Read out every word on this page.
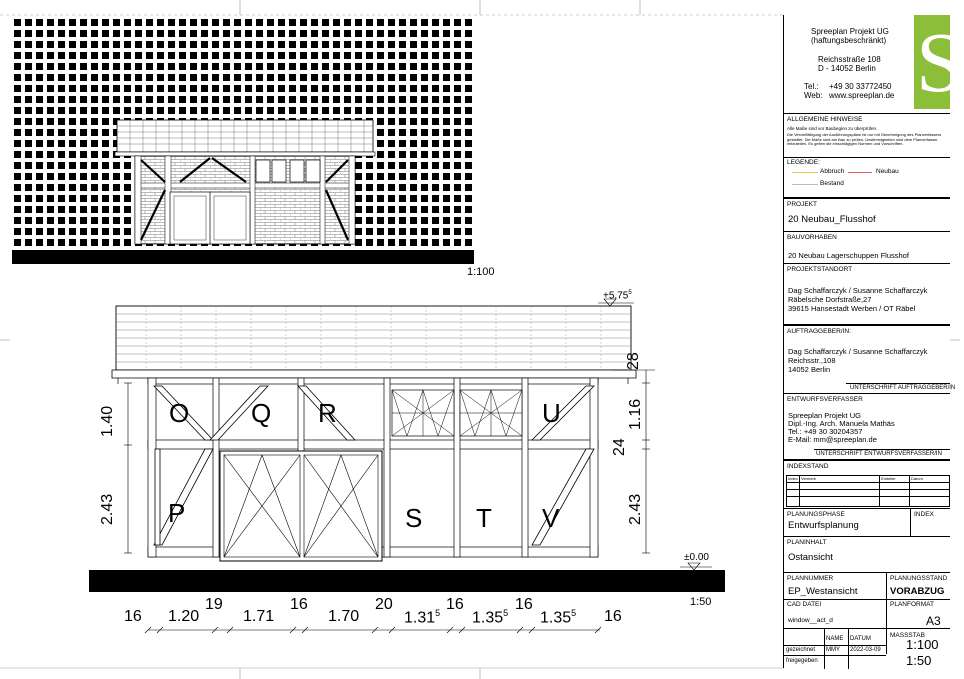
1:100
$+5.75^5$
28
1.40
2.43
1.16
24
2.43
±0.00
1:50
O Q R	U
P	S T V
16 1.20
19
1.71
16
1.70
20
1.31$^5$ 16
1.35$^5$ 16
1.35$^5$ 16
Spreeplan Projekt UG
(haftungsbeschränkt)
Reichsstraße 108
D - 14052 Berlin
Tel.: +49 30 33772450
Web: www.spreeplan.de S
ALLGEMEINE HINWEISE
Alle Maße sind vor Baubeginn zu überprüfen.
Die Vervielfältigung der Ausführungspläne ist nur mit Genehmigung des Planverfassers gestattet. Die Maße sind am Bau zu prüfen, Unstimmigkeiten sind dem Planverfasser mitzuteilen. Es gelten die einschlägigen Normen und Vorschriften.
LEGENDE:
Abbruch	Neubau
Bestand
PROJEKT
20 Neubau_Flusshof
BAUVORHABEN
20 Neubau Lagerschuppen Flusshof
PROJEKTSTANDORT
Dag Schaffarczyk / Susanne Schaffarczyk
Räbelsche Dorfstraße,27
39615 Hansestadt Werben / OT Räbel
AUFTRAGGEBER/IN:
Dag Schaffarczyk / Susanne Schaffarczyk
Reichsstr.,108
14052 Berlin
UNTERSCHRIFT AUFTRAGGEBER/IN
ENTWURFSVERFASSER
Spreeplan Projekt UG
Dipl.-Ing. Arch. Manuela Mathäs
Tel.: +49 30 30204357
E-Mail: mm@spreeplan.de
UNTERSCHRIFT ENTWURFSVERFASSER/IN
INDEXSTAND
Index Vermerk	Ersteller	Datum
PLANUNGSPHASE
Entwurfsplanung
INDEX
PLANINHALT
Ostansicht
PLANNUMMER
EP_Westansicht
PLANUNGSSTAND
VORABZUG
CAD DATEI
window__act_d
PLANFORMAT
A3
NAME DATUM
gezeichnet MMY 2022-03-09
freigegeben
MASSSTAB
1:100
1:50
